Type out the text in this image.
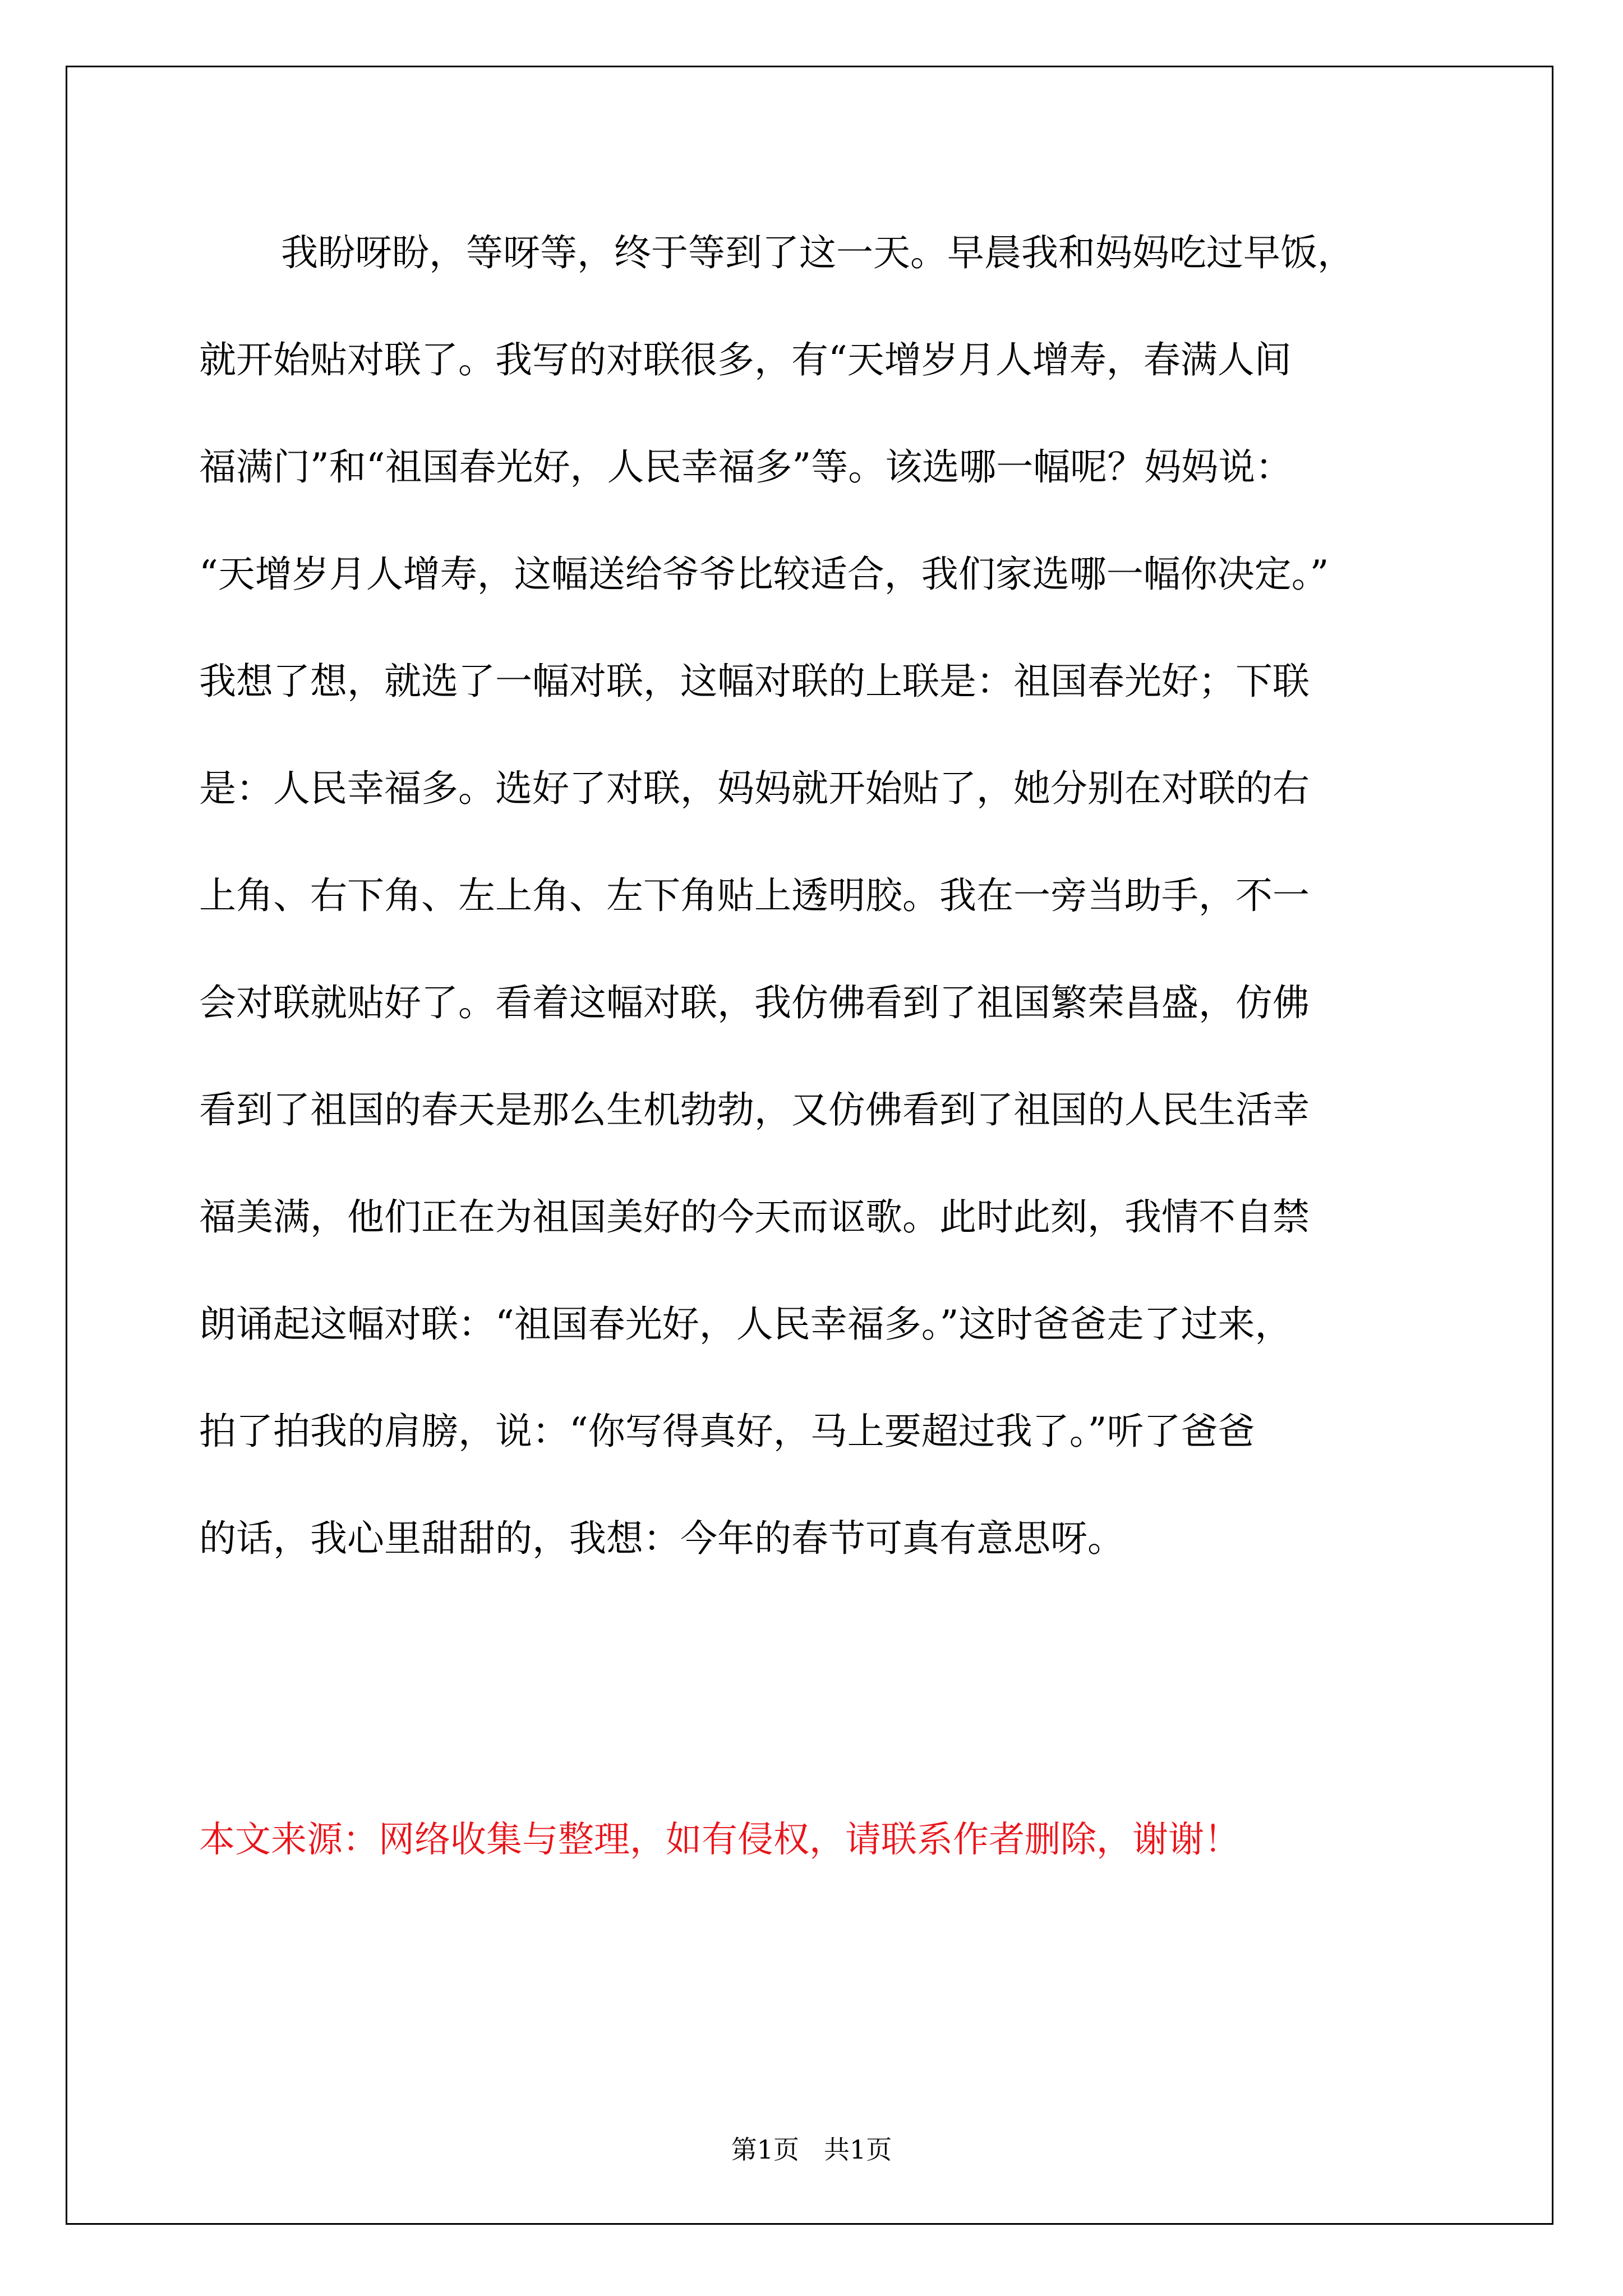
我盼呀盼，等呀等，终于等到了这一天。早晨我和妈妈吃过早饭，
就开始贴对联了。我写的对联很多，有“天增岁月人增寿，春满人间
福满门”和“祖国春光好，人民幸福多”等。该选哪一幅呢？妈妈说：
“天增岁月人增寿，这幅送给爷爷比较适合，我们家选哪一幅你决定。”
我想了想，就选了一幅对联，这幅对联的上联是：祖国春光好；下联
是：人民幸福多。选好了对联，妈妈就开始贴了，她分别在对联的右
上角、右下角、左上角、左下角贴上透明胶。我在一旁当助手，不一
会对联就贴好了。看着这幅对联，我仿佛看到了祖国繁荣昌盛，仿佛
看到了祖国的春天是那么生机勃勃，又仿佛看到了祖国的人民生活幸
福美满，他们正在为祖国美好的今天而讴歌。此时此刻，我情不自禁
朗诵起这幅对联：“祖国春光好，人民幸福多。”这时爸爸走了过来，
拍了拍我的肩膀，说：“你写得真好，马上要超过我了。”听了爸爸
的话，我心里甜甜的，我想：今年的春节可真有意思呀。
本文来源：网络收集与整理，如有侵权，请联系作者删除，谢谢！
第1页 共1页
